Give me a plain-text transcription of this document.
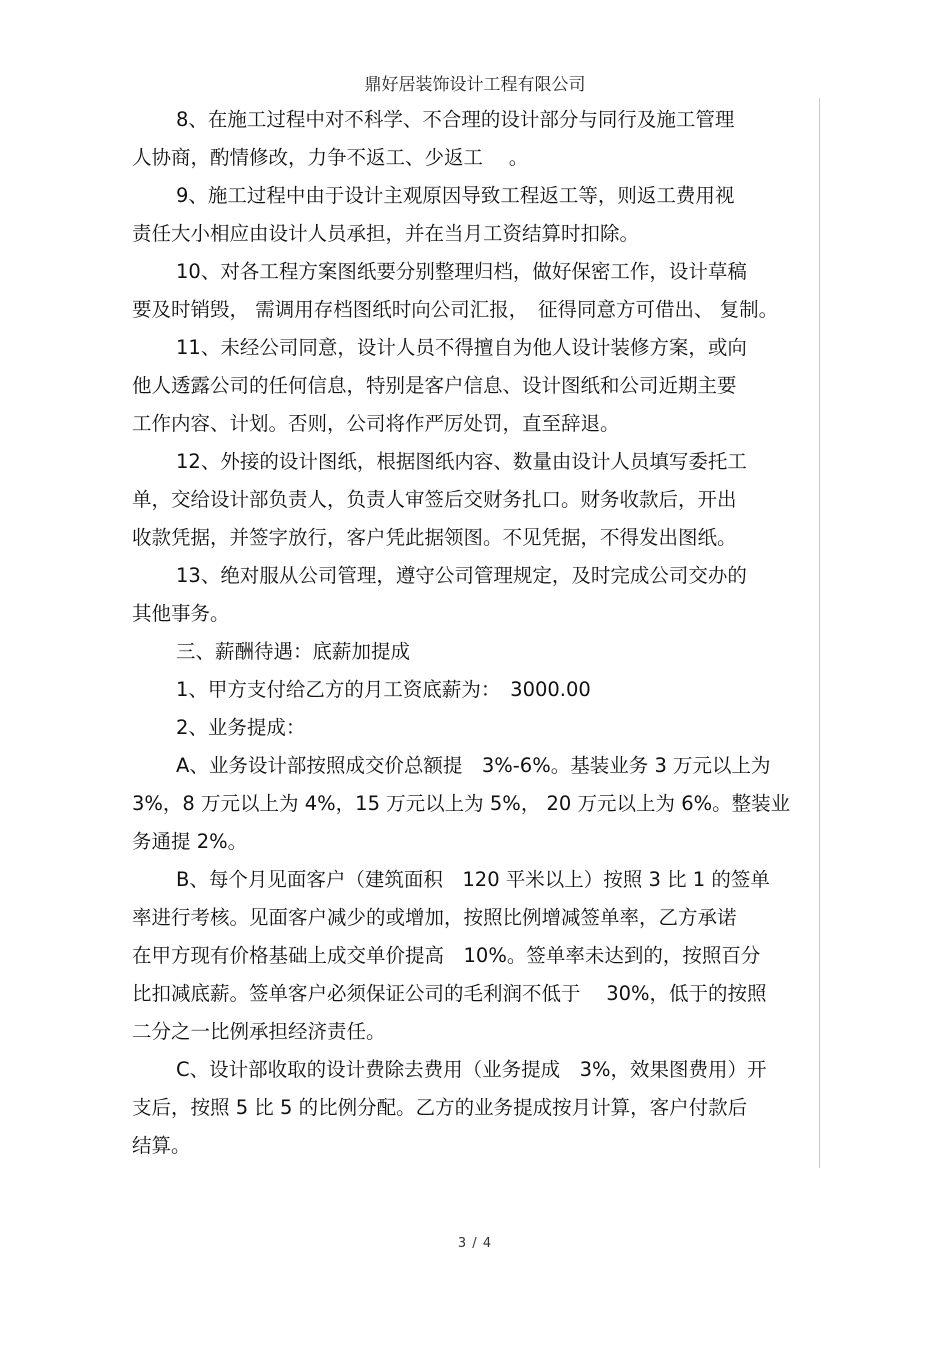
鼎好居装饰设计工程有限公司
8、在施工过程中对不科学、不合理的设计部分与同行及施工管理
人协商，酌情修改，力争不返工、少返工　 。
9、施工过程中由于设计主观原因导致工程返工等，则返工费用视
责任大小相应由设计人员承担，并在当月工资结算时扣除。
10、对各工程方案图纸要分别整理归档，做好保密工作，设计草稿
要及时销毁， 需调用存档图纸时向公司汇报，　征得同意方可借出、 复制。
11、未经公司同意，设计人员不得擅自为他人设计装修方案，或向
他人透露公司的任何信息，特别是客户信息、设计图纸和公司近期主要
工作内容、计划。否则，公司将作严厉处罚，直至辞退。
12、外接的设计图纸，根据图纸内容、数量由设计人员填写委托工
单，交给设计部负责人，负责人审签后交财务扎口。财务收款后，开出
收款凭据，并签字放行，客户凭此据领图。不见凭据，不得发出图纸。
13、绝对服从公司管理，遵守公司管理规定，及时完成公司交办的
其他事务。
三、薪酬待遇：底薪加提成
1、甲方支付给乙方的月工资底薪为：　3000.00
2、业务提成：
A、业务设计部按照成交价总额提　3%-6%。基装业务 3 万元以上为
3%，8 万元以上为 4%，15 万元以上为 5%， 20 万元以上为 6%。整装业
务通提 2%。
B、每个月见面客户（建筑面积　120 平米以上）按照 3 比 1 的签单
率进行考核。见面客户减少的或增加，按照比例增减签单率，乙方承诺
在甲方现有价格基础上成交单价提高　10%。签单率未达到的，按照百分
比扣减底薪。签单客户必须保证公司的毛利润不低于　 30%，低于的按照
二分之一比例承担经济责任。
C、设计部收取的设计费除去费用（业务提成　3%，效果图费用）开
支后，按照 5 比 5 的比例分配。乙方的业务提成按月计算，客户付款后
结算。
3 / 4
